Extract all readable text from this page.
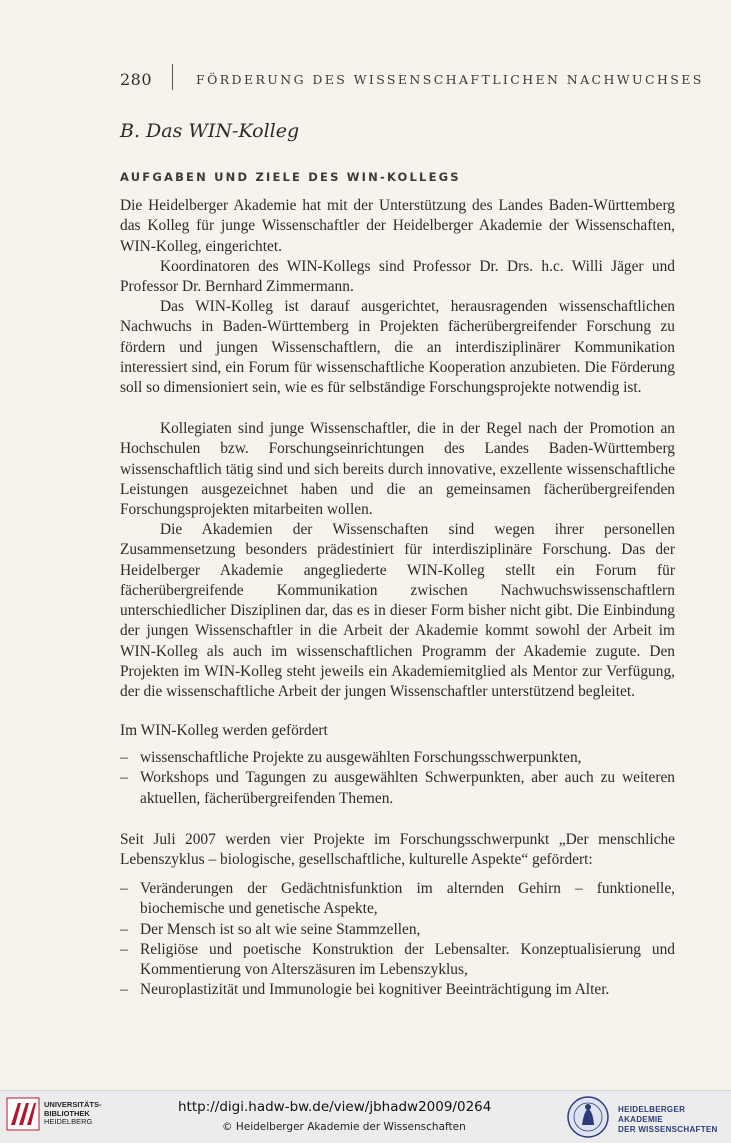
280	FÖRDERUNG DES WISSENSCHAFTLICHEN NACHWUCHSES
B. Das WIN-Kolleg
AUFGABEN UND ZIELE DES WIN-KOLLEGS

Die Heidelberger Akademie hat mit der Unterstützung des Landes Baden-Württemberg das Kolleg für junge Wissenschaftler der Heidelberger Akademie der Wissenschaften, WIN-Kolleg, eingerichtet.

Koordinatoren des WIN-Kollegs sind Professor Dr. Drs. h.c. Willi Jäger und Professor Dr. Bernhard Zimmermann.

Das WIN-Kolleg ist darauf ausgerichtet, herausragenden wissenschaftlichen Nachwuchs in Baden-Württemberg in Projekten fächerübergreifender Forschung zu fördern und jungen Wissenschaftlern, die an interdisziplinärer Kommunikation interessiert sind, ein Forum für wissenschaftliche Kooperation anzubieten. Die Förderung soll so dimensioniert sein, wie es für selbständige Forschungsprojekte notwendig ist.

Kollegiaten sind junge Wissenschaftler, die in der Regel nach der Promotion an Hochschulen bzw. Forschungseinrichtungen des Landes Baden-Württemberg wissenschaftlich tätig sind und sich bereits durch innovative, exzellente wissenschaftliche Leistungen ausgezeichnet haben und die an gemeinsamen fächerübergreifenden Forschungsprojekten mitarbeiten wollen.

Die Akademien der Wissenschaften sind wegen ihrer personellen Zusammensetzung besonders prädestiniert für interdisziplinäre Forschung. Das der Heidelberger Akademie angegliederte WIN-Kolleg stellt ein Forum für fächerübergreifende Kommunikation zwischen Nachwuchswissenschaftlern unterschiedlicher Disziplinen dar, das es in dieser Form bisher nicht gibt. Die Einbindung der jungen Wissenschaftler in die Arbeit der Akademie kommt sowohl der Arbeit im WIN-Kolleg als auch im wissenschaftlichen Programm der Akademie zugute. Den Projekten im WIN-Kolleg steht jeweils ein Akademiemitglied als Mentor zur Verfügung, der die wissenschaftliche Arbeit der jungen Wissenschaftler unterstützend begleitet.

Im WIN-Kolleg werden gefördert

– wissenschaftliche Projekte zu ausgewählten Forschungsschwerpunkten,
– Workshops und Tagungen zu ausgewählten Schwerpunkten, aber auch zu weiteren aktuellen, fächerübergreifenden Themen.

Seit Juli 2007 werden vier Projekte im Forschungsschwerpunkt „Der menschliche Lebenszyklus – biologische, gesellschaftliche, kulturelle Aspekte“ gefördert:

– Veränderungen der Gedächtnisfunktion im alternden Gehirn – funktionelle, biochemische und genetische Aspekte,
– Der Mensch ist so alt wie seine Stammzellen,
– Religiöse und poetische Konstruktion der Lebensalter. Konzeptualisierung und Kommentierung von Alterszäsuren im Lebenszyklus,
– Neuroplastizität und Immunologie bei kognitiver Beeinträchtigung im Alter.
UNIVERSITÄTS-
BIBLIOTHEK
HEIDELBERG
http://digi.hadw-bw.de/view/jbhadw2009/0264
© Heidelberger Akademie der Wissenschaften
HEIDELBERGER AKADEMIE
DER WISSENSCHAFTEN
